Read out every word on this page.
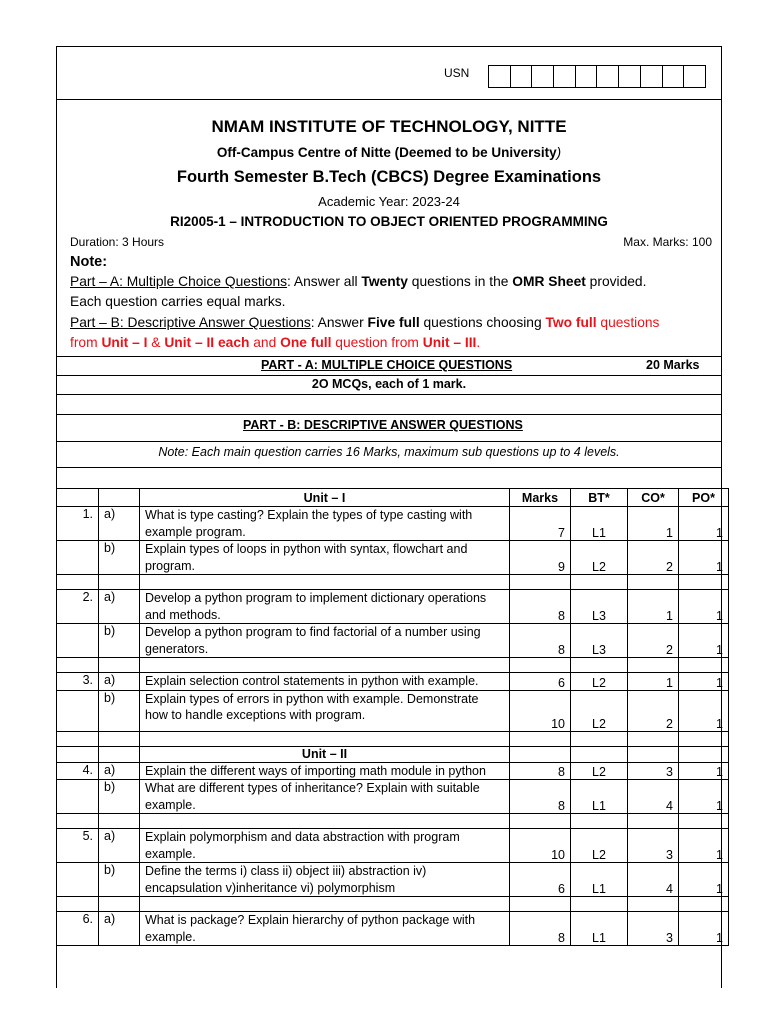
USN
NMAM INSTITUTE OF TECHNOLOGY, NITTE
Off-Campus Centre of Nitte (Deemed to be University)
Fourth Semester B.Tech (CBCS) Degree Examinations
Academic Year: 2023-24
RI2005-1 – INTRODUCTION TO OBJECT ORIENTED PROGRAMMING
Duration: 3 Hours	Max. Marks: 100
Note:
Part – A: Multiple Choice Questions: Answer all Twenty questions in the OMR Sheet provided.
Each question carries equal marks.
Part – B: Descriptive Answer Questions: Answer Five full questions choosing Two full questions
from Unit – I & Unit – II each and One full question from Unit – III.
PART - A: MULTIPLE CHOICE QUESTIONS	20 Marks
2O MCQs, each of 1 mark.
PART - B: DESCRIPTIVE ANSWER QUESTIONS
Note: Each main question carries 16 Marks, maximum sub questions up to 4 levels.
		Unit – I	Marks	BT*	CO*	PO*
1.	a)	What is type casting? Explain the types of type casting with example program.	7	L1	1	1
	b)	Explain types of loops in python with syntax, flowchart and program.	9	L2	2	1

2.	a)	Develop a python program to implement dictionary operations and methods.	8	L3	1	1
	b)	Develop a python program to find factorial of a number using generators.	8	L3	2	1

3.	a)	Explain selection control statements in python with example.	6	L2	1	1
	b)	Explain types of errors in python with example. Demonstrate how to handle exceptions with program.	10	L2	2	1

		Unit – II				
4.	a)	Explain the different ways of importing math module in python	8	L2	3	1
	b)	What are different types of inheritance? Explain with suitable example.	8	L1	4	1

5.	a)	Explain polymorphism and data abstraction with program example.	10	L2	3	1
	b)	Define the terms i) class ii) object iii) abstraction iv) encapsulation v)inheritance vi) polymorphism	6	L1	4	1

6.	a)	What is package? Explain hierarchy of python package with example.	8	L1	3	1
